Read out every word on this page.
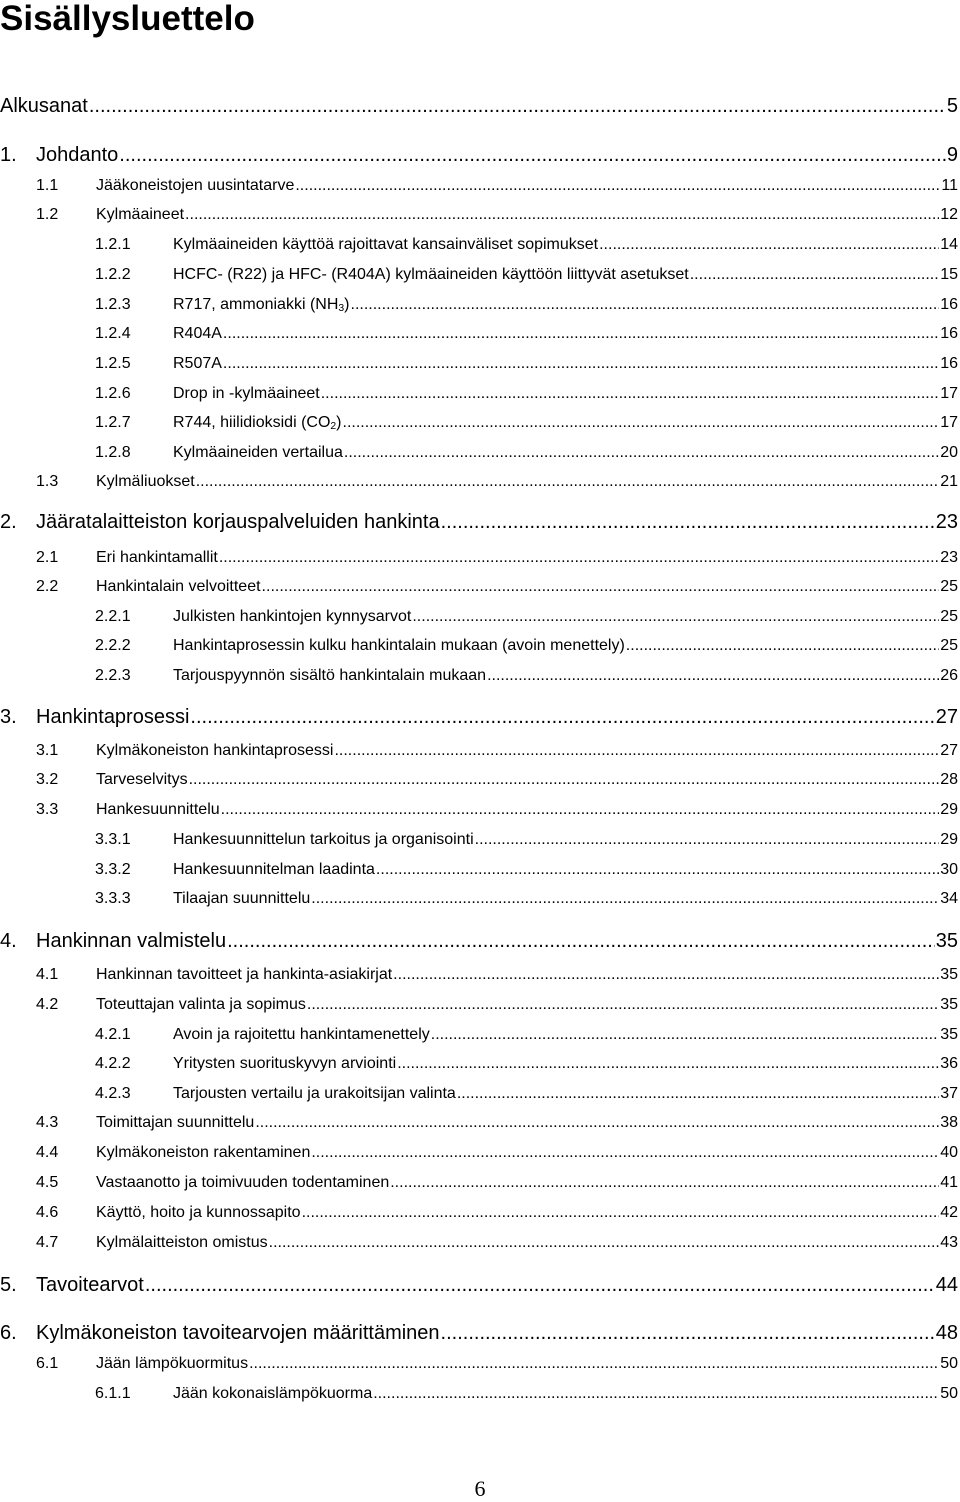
Sisällysluettelo
Alkusanat .....	5
1. Johdanto .....	9
1.1 Jääkoneistojen uusintatarve .....	11
1.2 Kylmäaineet .....	12
1.2.1	Kylmäaineiden käyttöä rajoittavat kansainväliset sopimukset .....	14
1.2.2	HCFC- (R22) ja HFC- (R404A) kylmäaineiden käyttöön liittyvät asetukset .....	15
1.2.3	R717, ammoniakki $(NH_3)$ .....	16
1.2.4	R404A .....	16
1.2.5	R507A .....	16
1.2.6	Drop in -kylmäaineet .....	17
1.2.7	R744, hiilidioksidi $(CO_2)$ .....	17
1.2.8	Kylmäaineiden vertailua .....	20
1.3 Kylmäliuokset .....	21
2. Jääratalaitteiston korjauspalveluiden hankinta .....	23
2.1 Eri hankintamallit .....	23
2.2 Hankintalain velvoitteet .....	25
2.2.1	Julkisten hankintojen kynnysarvot .....	25
2.2.2	Hankintaprosessin kulku hankintalain mukaan (avoin menettely) .....	25
2.2.3	Tarjouspyynnön sisältö hankintalain mukaan .....	26
3. Hankintaprosessi .....	27
3.1 Kylmäkoneiston hankintaprosessi .....	27
3.2 Tarveselvitys .....	28
3.3 Hankesuunnittelu .....	29
3.3.1	Hankesuunnittelun tarkoitus ja organisointi .....	29
3.3.2	Hankesuunnitelman laadinta .....	30
3.3.3	Tilaajan suunnittelu .....	34
4. Hankinnan valmistelu .....	35
4.1 Hankinnan tavoitteet ja hankinta-asiakirjat .....	35
4.2 Toteuttajan valinta ja sopimus .....	35
4.2.1	Avoin ja rajoitettu hankintamenettely .....	35
4.2.2	Yritysten suorituskyvyn arviointi .....	36
4.2.3	Tarjousten vertailu ja urakoitsijan valinta .....	37
4.3 Toimittajan suunnittelu .....	38
4.4 Kylmäkoneiston rakentaminen .....	40
4.5 Vastaanotto ja toimivuuden todentaminen .....	41
4.6 Käyttö, hoito ja kunnossapito .....	42
4.7 Kylmälaitteiston omistus .....	43
5. Tavoitearvot .....	44
6. Kylmäkoneiston tavoitearvojen määrittäminen .....	48
6.1 Jään lämpökuormitus .....	50
6.1.1	Jään kokonaislämpökuorma .....	50
6
